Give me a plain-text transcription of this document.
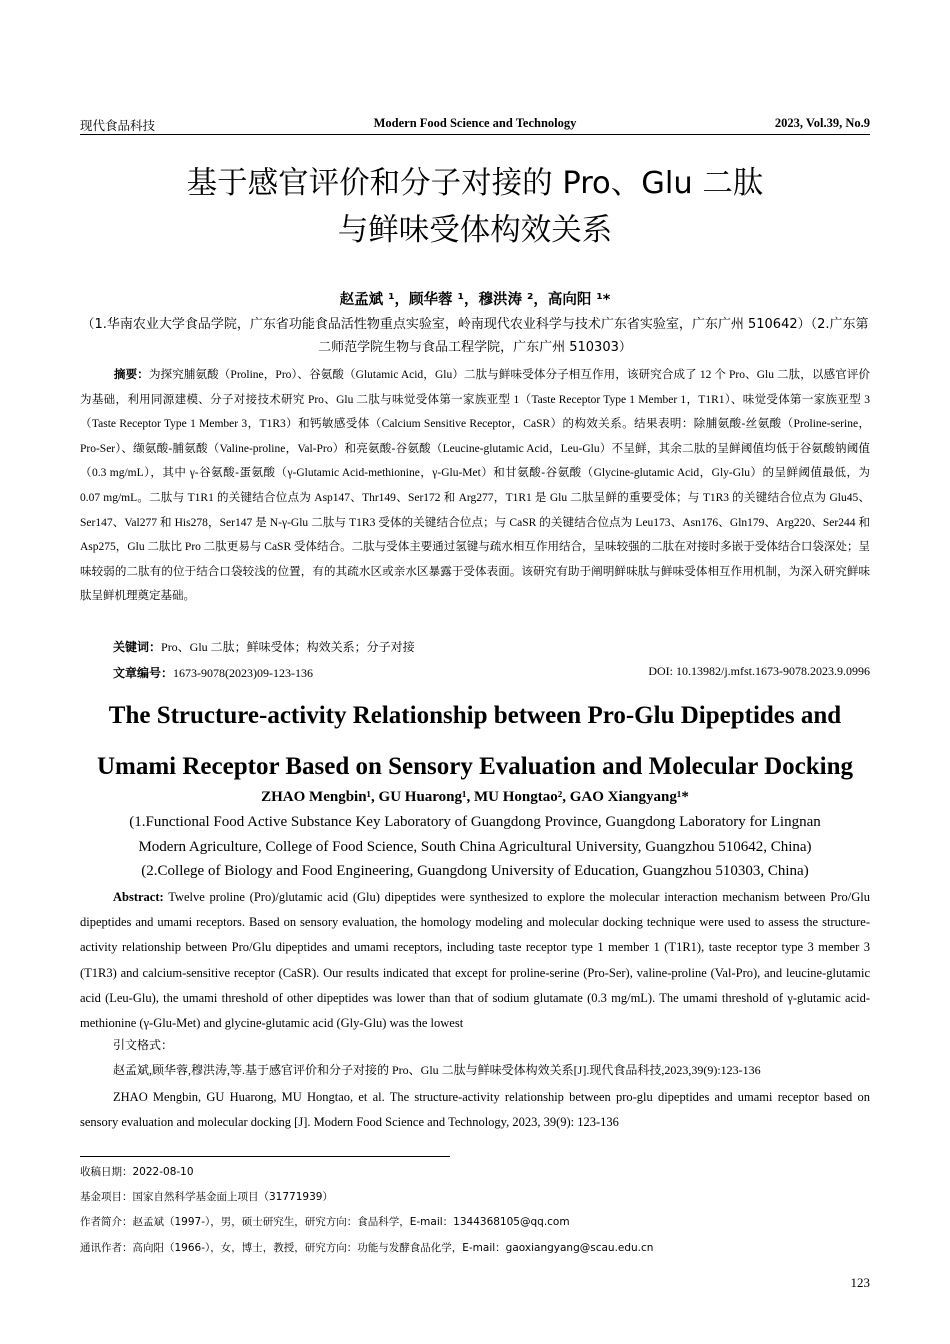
现代食品科技	Modern Food Science and Technology	2023, Vol.39, No.9
基于感官评价和分子对接的 Pro、Glu 二肽
与鲜味受体构效关系
赵孟斌 ¹，顾华蓉 ¹，穆洪涛 ²，高向阳 ¹*
（1.华南农业大学食品学院，广东省功能食品活性物重点实验室，岭南现代农业科学与技术广东省实验室，广东广州 510642）（2.广东第二师范学院生物与食品工程学院，广东广州 510303）
摘要：为探究脯氨酸（Proline，Pro）、谷氨酸（Glutamic Acid，Glu）二肽与鲜味受体分子相互作用，该研究合成了 12 个 Pro、Glu 二肽，以感官评价为基础，利用同源建模、分子对接技术研究 Pro、Glu 二肽与味觉受体第一家族亚型 1（Taste Receptor Type 1 Member 1，T1R1）、味觉受体第一家族亚型 3（Taste Receptor Type 1 Member 3，T1R3）和钙敏感受体（Calcium Sensitive Receptor，CaSR）的构效关系。结果表明：除脯氨酸-丝氨酸（Proline-serine，Pro-Ser）、缬氨酸-脯氨酸（Valine-proline，Val-Pro）和亮氨酸-谷氨酸（Leucine-glutamic Acid，Leu-Glu）不呈鲜，其余二肽的呈鲜阈值均低于谷氨酸钠阈值（0.3 mg/mL），其中 γ-谷氨酸-蛋氨酸（γ-Glutamic Acid-methionine，γ-Glu-Met）和甘氨酸-谷氨酸（Glycine-glutamic Acid，Gly-Glu）的呈鲜阈值最低，为 0.07 mg/mL。二肽与 T1R1 的关键结合位点为 Asp147、Thr149、Ser172 和 Arg277，T1R1 是 Glu 二肽呈鲜的重要受体；与 T1R3 的关键结合位点为 Glu45、Ser147、Val277 和 His278，Ser147 是 N-γ-Glu 二肽与 T1R3 受体的关键结合位点；与 CaSR 的关键结合位点为 Leu173、Asn176、Gln179、Arg220、Ser244 和 Asp275，Glu 二肽比 Pro 二肽更易与 CaSR 受体结合。二肽与受体主要通过氢键与疏水相互作用结合，呈味较强的二肽在对接时多嵌于受体结合口袋深处；呈味较弱的二肽有的位于结合口袋较浅的位置，有的其疏水区或亲水区暴露于受体表面。该研究有助于阐明鲜味肽与鲜味受体相互作用机制，为深入研究鲜味肽呈鲜机理奠定基础。
关键词：Pro、Glu 二肽；鲜味受体；构效关系；分子对接
文章编号：1673-9078(2023)09-123-136	DOI: 10.13982/j.mfst.1673-9078.2023.9.0996
The Structure-activity Relationship between Pro-Glu Dipeptides and
Umami Receptor Based on Sensory Evaluation and Molecular Docking
ZHAO Mengbin¹, GU Huarong¹, MU Hongtao², GAO Xiangyang¹*
(1.Functional Food Active Substance Key Laboratory of Guangdong Province, Guangdong Laboratory for Lingnan
Modern Agriculture, College of Food Science, South China Agricultural University, Guangzhou 510642, China)
(2.College of Biology and Food Engineering, Guangdong University of Education, Guangzhou 510303, China)
Abstract: Twelve proline (Pro)/glutamic acid (Glu) dipeptides were synthesized to explore the molecular interaction mechanism between Pro/Glu dipeptides and umami receptors. Based on sensory evaluation, the homology modeling and molecular docking technique were used to assess the structure-activity relationship between Pro/Glu dipeptides and umami receptors, including taste receptor type 1 member 1 (T1R1), taste receptor type 3 member 3 (T1R3) and calcium-sensitive receptor (CaSR). Our results indicated that except for proline-serine (Pro-Ser), valine-proline (Val-Pro), and leucine-glutamic acid (Leu-Glu), the umami threshold of other dipeptides was lower than that of sodium glutamate (0.3 mg/mL). The umami threshold of γ-glutamic acid-methionine (γ-Glu-Met) and glycine-glutamic acid (Gly-Glu) was the lowest
引文格式：
赵孟斌,顾华蓉,穆洪涛,等.基于感官评价和分子对接的 Pro、Glu 二肽与鲜味受体构效关系[J].现代食品科技,2023,39(9):123-136
ZHAO Mengbin, GU Huarong, MU Hongtao, et al. The structure-activity relationship between pro-glu dipeptides and umami receptor based on sensory evaluation and molecular docking [J]. Modern Food Science and Technology, 2023, 39(9): 123-136
收稿日期：2022-08-10
基金项目：国家自然科学基金面上项目（31771939）
作者简介：赵孟斌（1997-），男，硕士研究生，研究方向：食品科学，E-mail：1344368105@qq.com
通讯作者：高向阳（1966-），女，博士，教授，研究方向：功能与发酵食品化学，E-mail：gaoxiangyang@scau.edu.cn
123
